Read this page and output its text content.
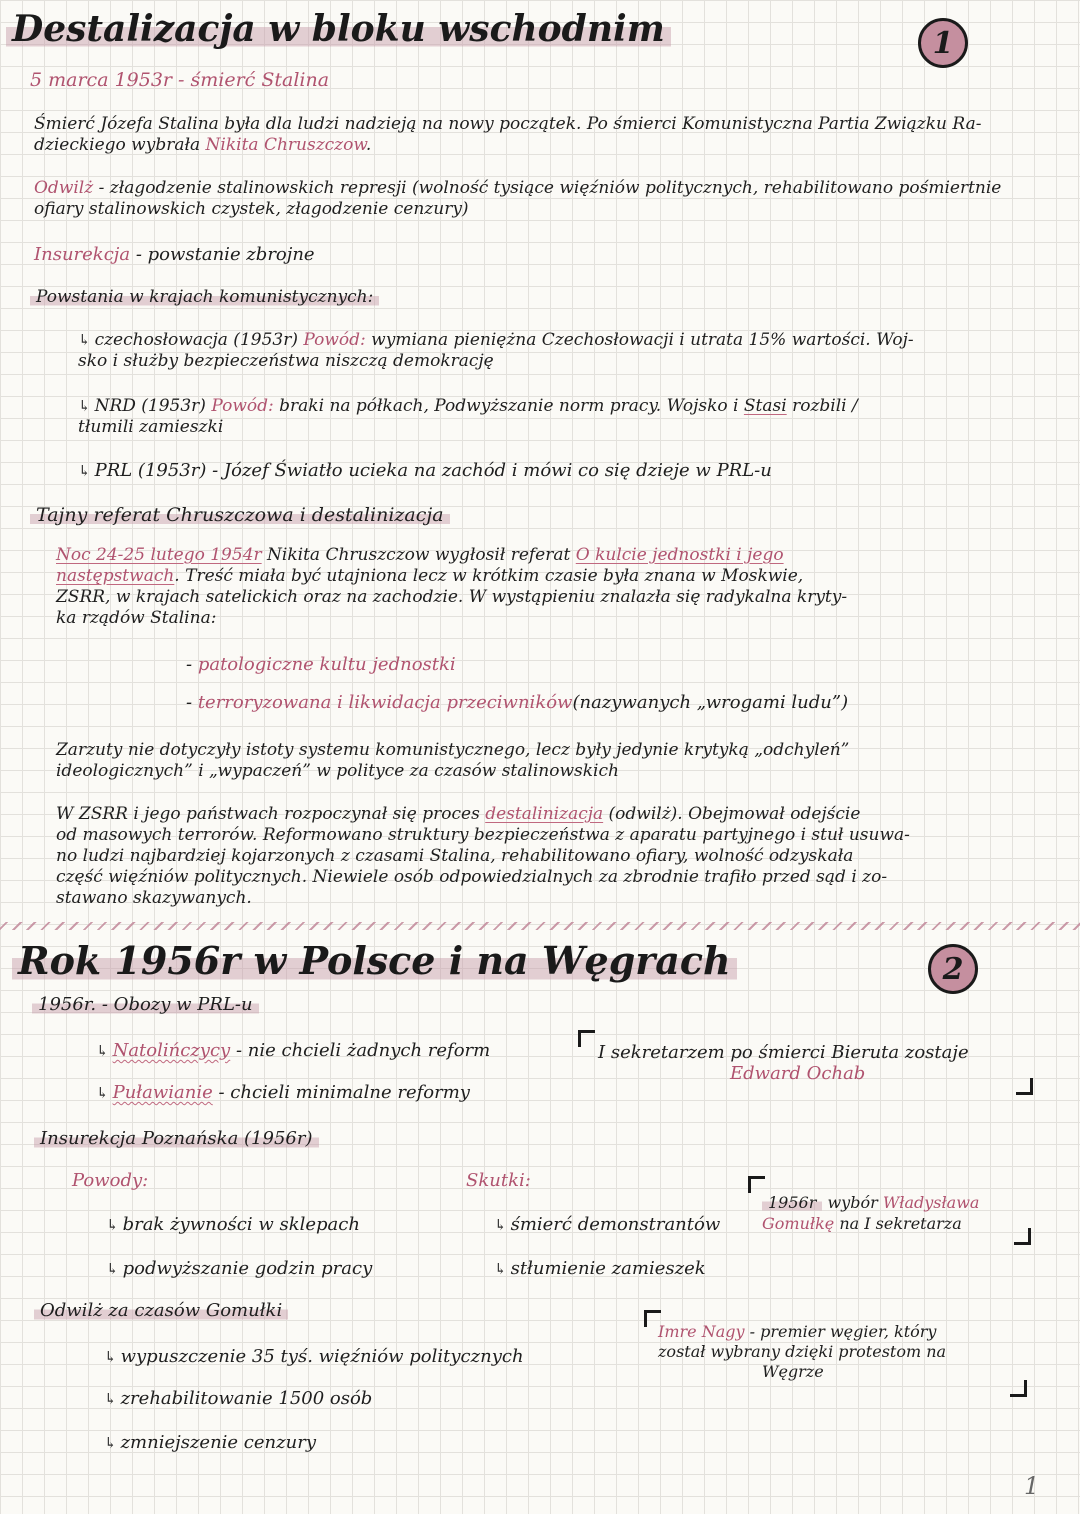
Destalizacja w bloku wschodnim	1
5 marca 1953r - śmierć Stalina
Śmierć Józefa Stalina była dla ludzi nadzieją na nowy początek. Po śmierci Komunistyczna Partia Związku Ra-
dzieckiego wybrała Nikita Chruszczow.
Odwilż - złagodzenie stalinowskich represji (wolność tysiące więźniów politycznych, rehabilitowano pośmiertnie
ofiary stalinowskich czystek, złagodzenie cenzury)
Insurekcja - powstanie zbrojne
Powstania w krajach komunistycznych:
↳ czechosłowacja (1953r) Powód: wymiana pieniężna Czechosłowacji i utrata 15% wartości. Woj-
sko i służby bezpieczeństwa niszczą demokrację
↳ NRD (1953r) Powód: braki na półkach, Podwyższanie norm pracy. Wojsko i Stasi rozbili /
tłumili zamieszki
↳ PRL (1953r) - Józef Światło ucieka na zachód i mówi co się dzieje w PRL-u
Tajny referat Chruszczowa i destalinizacja
Noc 24-25 lutego 1954r Nikita Chruszczow wygłosił referat O kulcie jednostki i jego
następstwach. Treść miała być utajniona lecz w krótkim czasie była znana w Moskwie,
ZSRR, w krajach satelickich oraz na zachodzie. W wystąpieniu znalazła się radykalna kryty-
ka rządów Stalina:
- patologiczne kultu jednostki
- terroryzowana i likwidacja przeciwników(nazywanych „wrogami ludu”)
Zarzuty nie dotyczyły istoty systemu komunistycznego, lecz były jedynie krytyką „odchyleń”
ideologicznych” i „wypaczeń” w polityce za czasów stalinowskich
W ZSRR i jego państwach rozpoczynał się proces destalinizacja (odwilż). Obejmował odejście
od masowych terrorów. Reformowano struktury bezpieczeństwa z aparatu partyjnego i stuł usuwa-
no ludzi najbardziej kojarzonych z czasami Stalina, rehabilitowano ofiary, wolność odzyskała
część więźniów politycznych. Niewiele osób odpowiedzialnych za zbrodnie trafiło przed sąd i zo-
stawano skazywanych.
Rok 1956r w Polsce i na Węgrach	2
1956r. - Obozy w PRL-u
↳ Natolińczycy - nie chcieli żadnych reform
↳ Puławianie - chcieli minimalne reformy
I sekretarzem po śmierci Bieruta zostaje
Edward Ochab
Insurekcja Poznańska (1956r)
Powody:
↳ brak żywności w sklepach
↳ podwyższanie godzin pracy
Skutki:
↳ śmierć demonstrantów
↳ stłumienie zamieszek
1956r wybór Władysława
Gomułkę na I sekretarza
Odwilż za czasów Gomułki
↳ wypuszczenie 35 tyś. więźniów politycznych
↳ zrehabilitowanie 1500 osób
↳ zmniejszenie cenzury
Imre Nagy - premier węgier, który
został wybrany dzięki protestom na
Węgrze
1
